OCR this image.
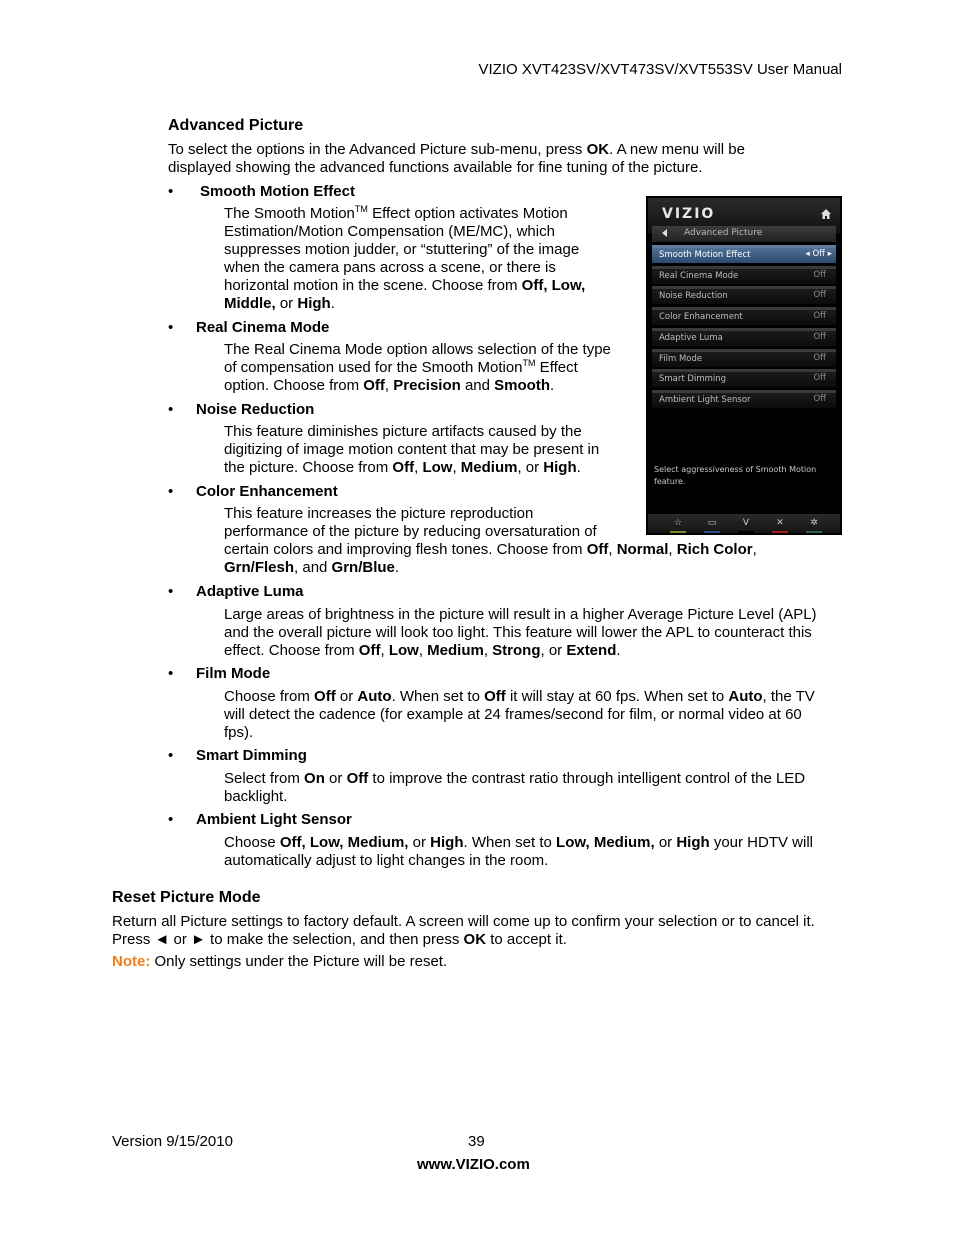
VIZIO XVT423SV/XVT473SV/XVT553SV User Manual
Advanced Picture

To select the options in the Advanced Picture sub-menu, press OK. A new menu will be

displayed showing the advanced functions available for fine tuning of the picture.

• Smooth Motion Effect

The Smooth Motion™ Effect option activates Motion

Estimation/Motion Compensation (ME/MC), which

suppresses motion judder, or “stuttering” of the image

when the camera pans across a scene, or there is

horizontal motion in the scene. Choose from Off, Low,

Middle, or High.

• Real Cinema Mode

The Real Cinema Mode option allows selection of the type

of compensation used for the Smooth Motion™ Effect

option. Choose from Off, Precision and Smooth.

• Noise Reduction

This feature diminishes picture artifacts caused by the

digitizing of image motion content that may be present in

the picture. Choose from Off, Low, Medium, or High.

• Color Enhancement

This feature increases the picture reproduction

performance of the picture by reducing oversaturation of

certain colors and improving flesh tones. Choose from Off, Normal, Rich Color,

Grn/Flesh, and Grn/Blue.

• Adaptive Luma

Large areas of brightness in the picture will result in a higher Average Picture Level (APL)

and the overall picture will look too light. This feature will lower the APL to counteract this

effect. Choose from Off, Low, Medium, Strong, or Extend.

• Film Mode

Choose from Off or Auto. When set to Off it will stay at 60 fps. When set to Auto, the TV

will detect the cadence (for example at 24 frames/second for film, or normal video at 60

fps).

• Smart Dimming

Select from On or Off to improve the contrast ratio through intelligent control of the LED

backlight.

• Ambient Light Sensor

Choose Off, Low, Medium, or High. When set to Low, Medium, or High your HDTV will

automatically adjust to light changes in the room.

Reset Picture Mode

Return all Picture settings to factory default. A screen will come up to confirm your selection or to cancel it.

Press ◄ or ► to make the selection, and then press OK to accept it.

Note: Only settings under the Picture will be reset.

VIZIO
Advanced Picture
Smooth Motion Effect	◂ Off ▸
Real Cinema Mode	Off
Noise Reduction	Off
Color Enhancement	Off
Adaptive Luma	Off
Film Mode	Off
Smart Dimming	Off
Ambient Light Sensor	Off
Select aggressiveness of Smooth Motion feature.
☆	▭	V	✕	✲
Version 9/15/2010	39
www.VIZIO.com
